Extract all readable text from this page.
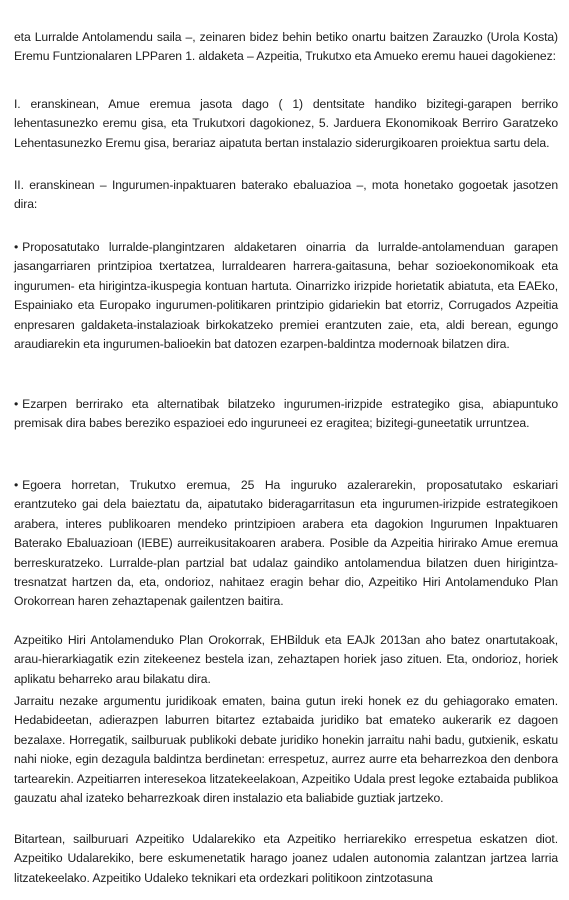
eta Lurralde Antolamendu saila –, zeinaren bidez behin betiko onartu baitzen Zarauzko (Urola Kosta) Eremu Funtzionalaren LPParen 1. aldaketa – Azpeitia, Trukutxo eta Amueko eremu hauei dagokienez:

I. eranskinean, Amue eremua jasota dago ( 1) dentsitate handiko bizitegi-garapen berriko lehentasunezko eremu gisa, eta Trukutxori dagokionez, 5. Jarduera Ekonomikoak Berriro Garatzeko Lehentasunezko Eremu gisa, berariaz aipatuta bertan instalazio siderurgikoaren proiektua sartu dela.

II. eranskinean – Ingurumen-inpaktuaren baterako ebaluazioa –, mota honetako gogoetak jasotzen dira:

• Proposatutako lurralde-plangintzaren aldaketaren oinarria da lurralde-antolamenduan garapen jasangarriaren printzipioa txertatzea, lurraldearen harrera-gaitasuna, behar sozioekonomikoak eta ingurumen- eta hirigintza-ikuspegia kontuan hartuta. Oinarrizko irizpide horietatik abiatuta, eta EAEko, Espainiako eta Europako ingurumen-politikaren printzipio gidariekin bat etorriz, Corrugados Azpeitia enpresaren galdaketa-instalazioak birkokatzeko premiei erantzuten zaie, eta, aldi berean, egungo araudiarekin eta ingurumen-balioekin bat datozen ezarpen-baldintza modernoak bilatzen dira.

• Ezarpen berrirako eta alternatibak bilatzeko ingurumen-irizpide estrategiko gisa, abiapuntuko premisak dira babes bereziko espazioei edo inguruneei ez eragitea; bizitegi-guneetatik urruntzea.

• Egoera horretan, Trukutxo eremua, 25 Ha inguruko azalerarekin, proposatutako eskariari erantzuteko gai dela baieztatu da, aipatutako bideragarritasun eta ingurumen-irizpide estrategikoen arabera, interes publikoaren mendeko printzipioen arabera eta dagokion Ingurumen Inpaktuaren Baterako Ebaluazioan (IEBE) aurreikusitakoaren arabera. Posible da Azpeitia hirirako Amue eremua berreskuratzeko. Lurralde-plan partzial bat udalaz gaindiko antolamendua bilatzen duen hirigintza-tresnatzat hartzen da, eta, ondorioz, nahitaez eragin behar dio, Azpeitiko Hiri Antolamenduko Plan Orokorrean haren zehaztapenak gailentzen baitira.

Azpeitiko Hiri Antolamenduko Plan Orokorrak, EHBilduk eta EAJk 2013an aho batez onartutakoak, arau-hierarkiagatik ezin zitekeenez bestela izan, zehaztapen horiek jaso zituen. Eta, ondorioz, horiek aplikatu beharreko arau bilakatu dira.

Jarraitu nezake argumentu juridikoak ematen, baina gutun ireki honek ez du gehiagorako ematen. Hedabideetan, adierazpen laburren bitartez eztabaida juridiko bat emateko aukerarik ez dagoen bezalaxe. Horregatik, sailburuak publikoki debate juridiko honekin jarraitu nahi badu, gutxienik, eskatu nahi nioke, egin dezagula baldintza berdinetan: errespetuz, aurrez aurre eta beharrezkoa den denbora tartearekin. Azpeitiarren interesekoa litzatekeelakoan, Azpeitiko Udala prest legoke eztabaida publikoa gauzatu ahal izateko beharrezkoak diren instalazio eta baliabide guztiak jartzeko.

Bitartean, sailburuari Azpeitiko Udalarekiko eta Azpeitiko herriarekiko errespetua eskatzen diot. Azpeitiko Udalarekiko, bere eskumenetatik harago joanez udalen autonomia zalantzan jartzea larria litzatekeelako. Azpeitiko Udaleko teknikari eta ordezkari politikoon zintzotasuna
